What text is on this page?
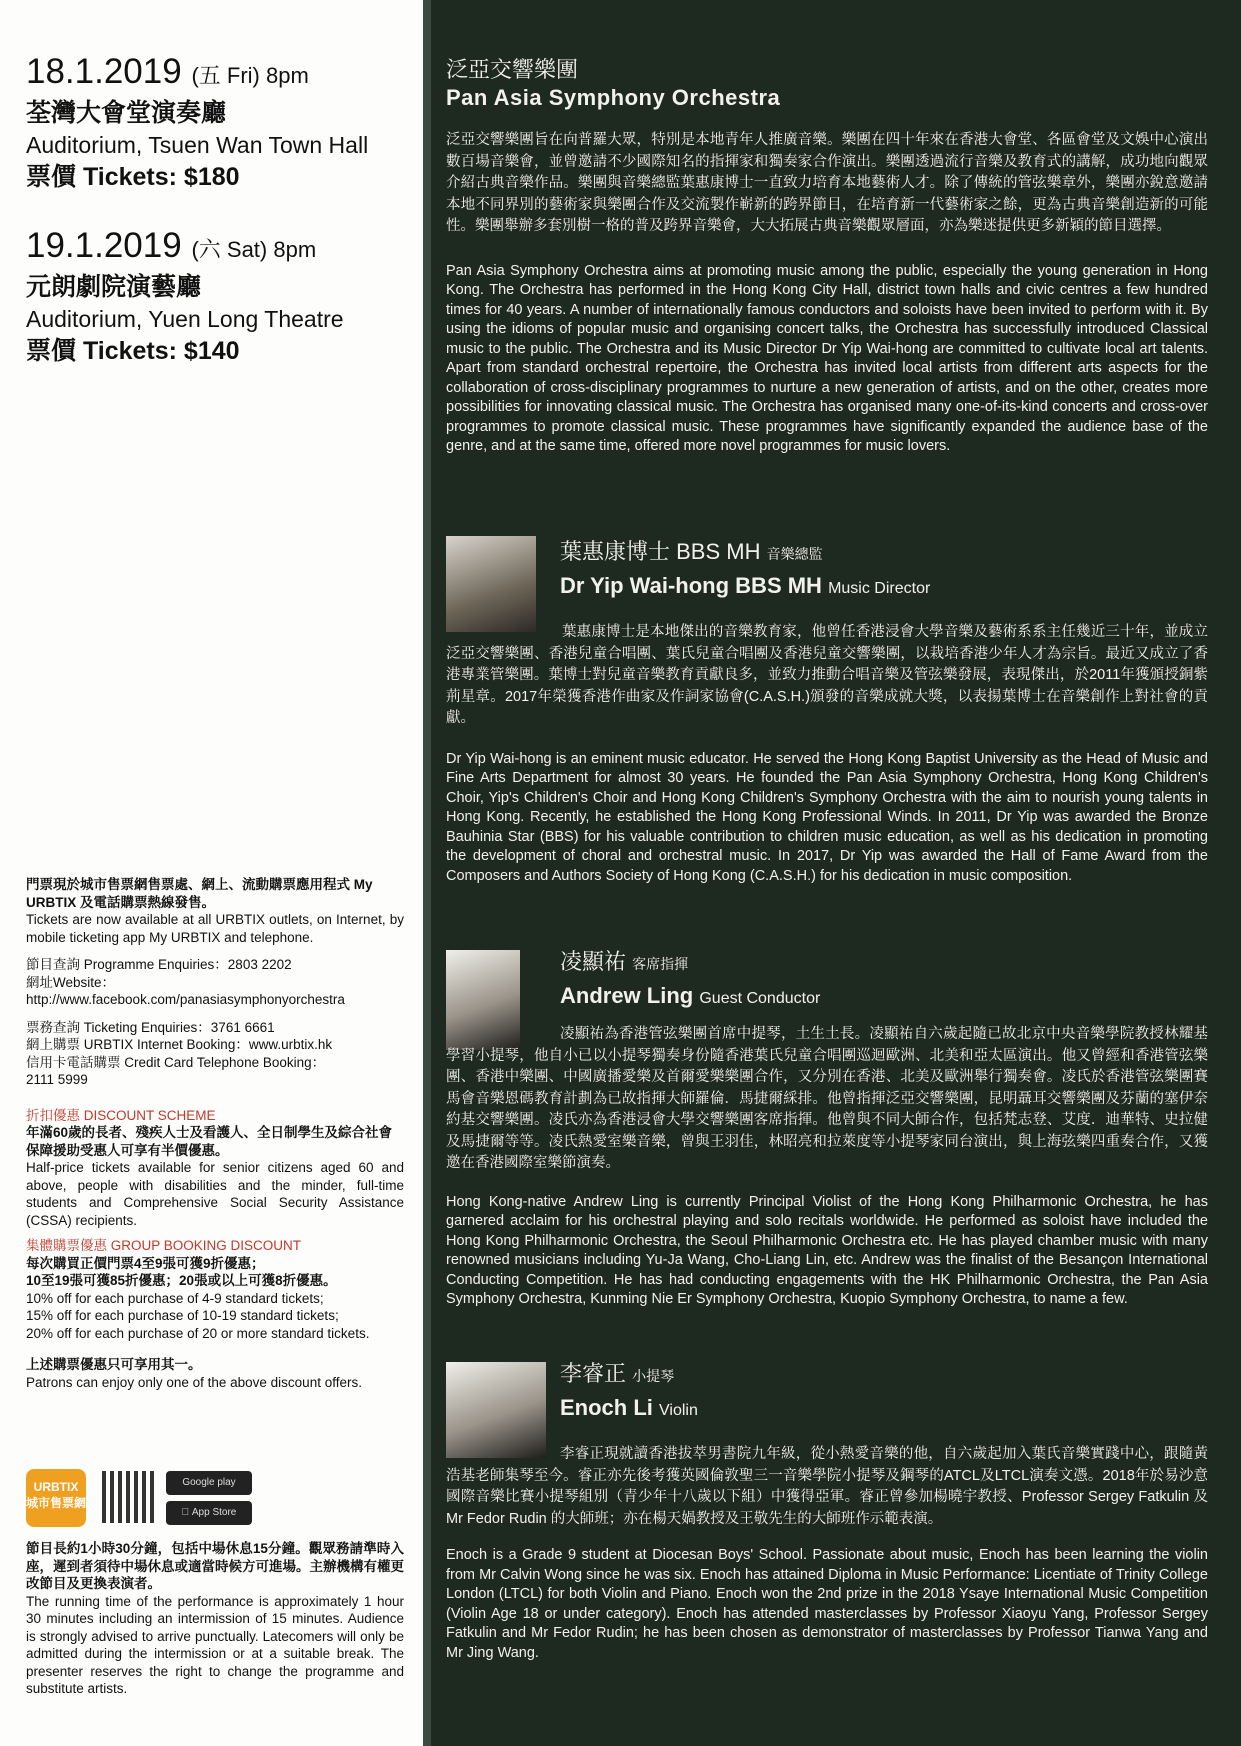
18.1.2019 (五 Fri) 8pm
荃灣大會堂演奏廳
Auditorium, Tsuen Wan Town Hall
票價 Tickets: $180
19.1.2019 (六 Sat) 8pm
元朗劇院演藝廳
Auditorium, Yuen Long Theatre
票價 Tickets: $140

門票現於城市售票網售票處、網上、流動購票應用程式 My URBTIX 及電話購票熱線發售。

Tickets are now available at all URBTIX outlets, on Internet, by mobile ticketing app My URBTIX and telephone.

節目查詢 Programme Enquiries：2803 2202

網址Website：

http://www.facebook.com/panasiasymphonyorchestra

票務查詢 Ticketing Enquiries：3761 6661

網上購票 URBTIX Internet Booking：www.urbtix.hk

信用卡電話購票 Credit Card Telephone Booking：

2111 5999

折扣優惠 DISCOUNT SCHEME

年滿60歲的長者、殘疾人士及看護人、全日制學生及綜合社會保障援助受惠人可享有半價優惠。

Half-price tickets available for senior citizens aged 60 and above, people with disabilities and the minder, full-time students and Comprehensive Social Security Assistance (CSSA) recipients.

集體購票優惠 GROUP BOOKING DISCOUNT

每次購買正價門票4至9張可獲9折優惠；

10至19張可獲85折優惠；20張或以上可獲8折優惠。

10% off for each purchase of 4-9 standard tickets;

15% off for each purchase of 10-19 standard tickets;

20% off for each purchase of 20 or more standard tickets.

上述購票優惠只可享用其一。

Patrons can enjoy only one of the above discount offers.

URBTIX
城市售票網
Google play
App Store

節目長約1小時30分鐘，包括中場休息15分鐘。觀眾務請準時入座，遲到者須待中場休息或適當時候方可進場。主辦機構有權更改節目及更換表演者。

The running time of the performance is approximately 1 hour 30 minutes including an intermission of 15 minutes. Audience is strongly advised to arrive punctually. Latecomers will only be admitted during the intermission or at a suitable break. The presenter reserves the right to change the programme and substitute artists.

泛亞交響樂團
Pan Asia Symphony Orchestra
泛亞交響樂團旨在向普羅大眾，特別是本地青年人推廣音樂。樂團在四十年來在香港大會堂、各區會堂及文娛中心演出數百場音樂會，並曾邀請不少國際知名的指揮家和獨奏家合作演出。樂團透過流行音樂及教育式的講解，成功地向觀眾介紹古典音樂作品。樂團與音樂總監葉惠康博士一直致力培育本地藝術人才。除了傳統的管弦樂章外，樂團亦銳意邀請本地不同界別的藝術家與樂團合作及交流製作嶄新的跨界節目，在培育新一代藝術家之餘，更為古典音樂創造新的可能性。樂團舉辦多套別樹一格的普及跨界音樂會，大大拓展古典音樂觀眾層面，亦為樂迷提供更多新穎的節目選擇。
Pan Asia Symphony Orchestra aims at promoting music among the public, especially the young generation in Hong Kong. The Orchestra has performed in the Hong Kong City Hall, district town halls and civic centres a few hundred times for 40 years. A number of internationally famous conductors and soloists have been invited to perform with it. By using the idioms of popular music and organising concert talks, the Orchestra has successfully introduced Classical music to the public. The Orchestra and its Music Director Dr Yip Wai-hong are committed to cultivate local art talents. Apart from standard orchestral repertoire, the Orchestra has invited local artists from different arts aspects for the collaboration of cross-disciplinary programmes to nurture a new generation of artists, and on the other, creates more possibilities for innovating classical music. The Orchestra has organised many one-of-its-kind concerts and cross-over programmes to promote classical music. These programmes have significantly expanded the audience base of the genre, and at the same time, offered more novel programmes for music lovers.
葉惠康博士 BBS MH 音樂總監
Dr Yip Wai-hong BBS MH Music Director
葉惠康博士是本地傑出的音樂教育家，他曾任香港浸會大學音樂及藝術系系主任幾近三十年，並成立泛亞交響樂團、香港兒童合唱團、葉氏兒童合唱團及香港兒童交響樂團，以栽培香港少年人才為宗旨。最近又成立了香港專業管樂團。葉博士對兒童音樂教育貢獻良多，並致力推動合唱音樂及管弦樂發展，表現傑出，於2011年獲頒授銅紫荊星章。2017年榮獲香港作曲家及作詞家協會(C.A.S.H.)頒發的音樂成就大獎，以表揚葉博士在音樂創作上對社會的貢獻。
Dr Yip Wai-hong is an eminent music educator. He served the Hong Kong Baptist University as the Head of Music and Fine Arts Department for almost 30 years. He founded the Pan Asia Symphony Orchestra, Hong Kong Children's Choir, Yip's Children's Choir and Hong Kong Children's Symphony Orchestra with the aim to nourish young talents in Hong Kong. Recently, he established the Hong Kong Professional Winds. In 2011, Dr Yip was awarded the Bronze Bauhinia Star (BBS) for his valuable contribution to children music education, as well as his dedication in promoting the development of choral and orchestral music. In 2017, Dr Yip was awarded the Hall of Fame Award from the Composers and Authors Society of Hong Kong (C.A.S.H.) for his dedication in music composition.
凌顯祐 客席指揮
Andrew Ling Guest Conductor
凌顯祐為香港管弦樂團首席中提琴，土生土長。凌顯祐自六歲起隨已故北京中央音樂學院教授林耀基學習小提琴，他自小已以小提琴獨奏身份隨香港葉氏兒童合唱團巡迴歐洲、北美和亞太區演出。他又曾經和香港管弦樂團、香港中樂團、中國廣播愛樂及首爾愛樂樂團合作，又分別在香港、北美及歐洲舉行獨奏會。凌氏於香港管弦樂團賽馬會音樂恩碼教育計劃為已故指揮大師羅倫．馬捷爾綵排。他曾指揮泛亞交響樂團，昆明聶耳交響樂團及芬蘭的塞伊奈約基交響樂團。凌氏亦為香港浸會大學交響樂團客席指揮。他曾與不同大師合作，包括梵志登、艾度．迪華特、史拉健及馬捷爾等等。凌氏熱愛室樂音樂，曾與王羽佳，林昭亮和拉萊度等小提琴家同台演出，與上海弦樂四重奏合作，又獲邀在香港國際室樂節演奏。
Hong Kong-native Andrew Ling is currently Principal Violist of the Hong Kong Philharmonic Orchestra, he has garnered acclaim for his orchestral playing and solo recitals worldwide. He performed as soloist have included the Hong Kong Philharmonic Orchestra, the Seoul Philharmonic Orchestra etc. He has played chamber music with many renowned musicians including Yu-Ja Wang, Cho-Liang Lin, etc. Andrew was the finalist of the Besançon International Conducting Competition. He has had conducting engagements with the HK Philharmonic Orchestra, the Pan Asia Symphony Orchestra, Kunming Nie Er Symphony Orchestra, Kuopio Symphony Orchestra, to name a few.
李睿正 小提琴
Enoch Li Violin
李睿正現就讀香港拔萃男書院九年級，從小熱愛音樂的他，自六歲起加入葉氏音樂實踐中心，跟隨黃浩基老師集琴至今。睿正亦先後考獲英國倫敦聖三一音樂學院小提琴及鋼琴的ATCL及LTCL演奏文憑。2018年於易沙意國際音樂比賽小提琴組別（青少年十八歲以下組）中獲得亞軍。睿正曾參加楊曉宇教授、Professor Sergey Fatkulin 及Mr Fedor Rudin 的大師班；亦在楊天媧教授及王敬先生的大師班作示範表演。
Enoch is a Grade 9 student at Diocesan Boys' School. Passionate about music, Enoch has been learning the violin from Mr Calvin Wong since he was six. Enoch has attained Diploma in Music Performance: Licentiate of Trinity College London (LTCL) for both Violin and Piano. Enoch won the 2nd prize in the 2018 Ysaye International Music Competition (Violin Age 18 or under category). Enoch has attended masterclasses by Professor Xiaoyu Yang, Professor Sergey Fatkulin and Mr Fedor Rudin; he has been chosen as demonstrator of masterclasses by Professor Tianwa Yang and Mr Jing Wang.
